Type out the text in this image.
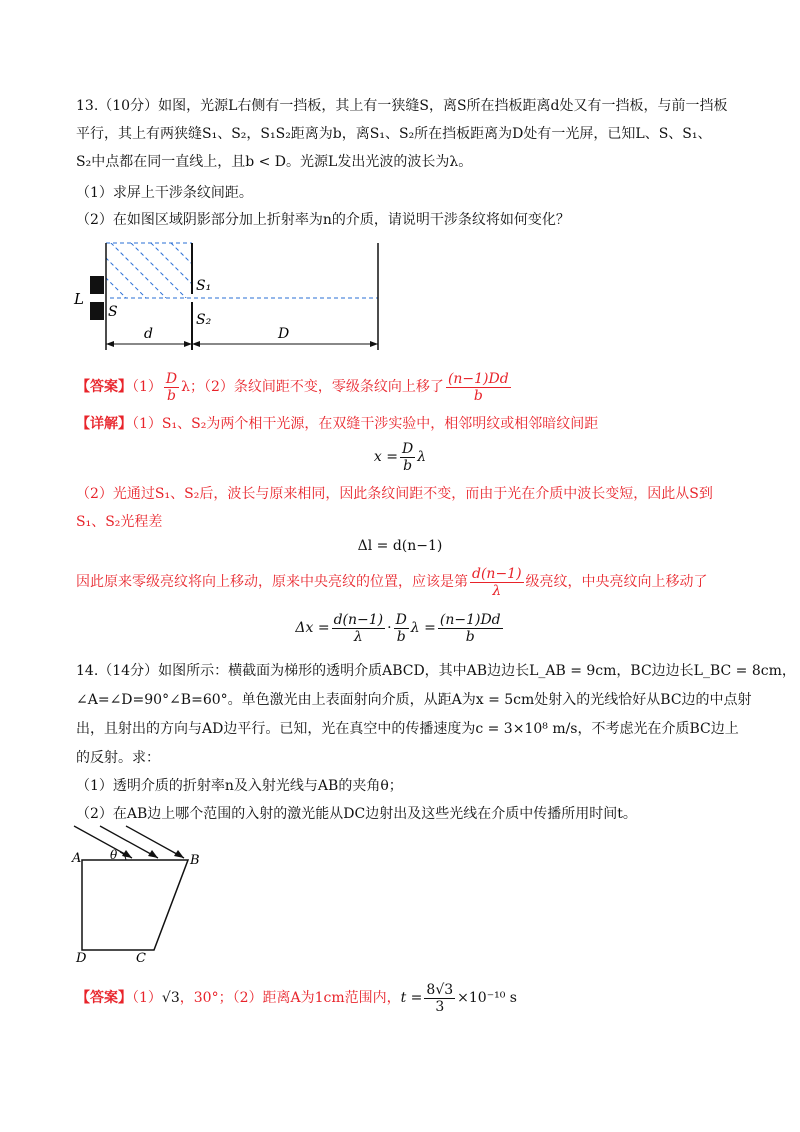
13.（10分）如图，光源L右侧有一挡板，其上有一狭缝S，离S所在挡板距离d处又有一挡板，与前一挡板
平行，其上有两狭缝S₁、S₂，S₁S₂距离为b，离S₁、S₂所在挡板距离为D处有一光屏，已知L、S、S₁、
S₂中点都在同一直线上，且b < D。光源L发出光波的波长为λ。
（1）求屏上干涉条纹间距。
（2）在如图区域阴影部分加上折射率为n的介质，请说明干涉条纹将如何变化？
L
S
S₁
S₂
d	D
【答案】$(1) \frac{D}{b}$ λ；（2）条纹间距不变，零级条纹向上移了 $\frac{(n-1)Dd}{b}$
【详解】（1）S₁、S₂为两个相干光源，在双缝干涉实验中，相邻明纹或相邻暗纹间距
$x = \frac{D}{b}$ λ
（2）光通过S₁、S₂后，波长与原来相同，因此条纹间距不变，而由于光在介质中波长变短，因此从S到
S₁、S₂光程差
Δl = d(n−1)
因此原来零级亮纹将向上移动，原来中央亮纹的位置，应该是第 $\frac{d(n-1)}{\lambda}$ 级亮纹，中央亮纹向上移动了
$\Delta x = \frac{d(n-1)}{\lambda} \cdot \frac{D}{b}$ $\lambda = \frac{(n-1)Dd}{b}$
14.（14分）如图所示：横截面为梯形的透明介质ABCD，其中AB边边长L_AB = 9cm，BC边边长L_BC = 8cm，
∠A=∠D=90°∠B=60°。单色激光由上表面射向介质，从距A为x = 5cm处射入的光线恰好从BC边的中点射
出，且射出的方向与AD边平行。已知，光在真空中的传播速度为c = 3×10⁸ m/s，不考虑光在介质BC边上
的反射。求：
（1）透明介质的折射率n及入射光线与AB的夹角θ；
（2）在AB边上哪个范围的入射的激光能从DC边射出及这些光线在介质中传播所用时间t。
A	B
C
D
θ
【答案】（1）√3，30°；（2）距离A为1cm范围内，$t = \frac{8√3}{3} \times 10^{-10}$ s
